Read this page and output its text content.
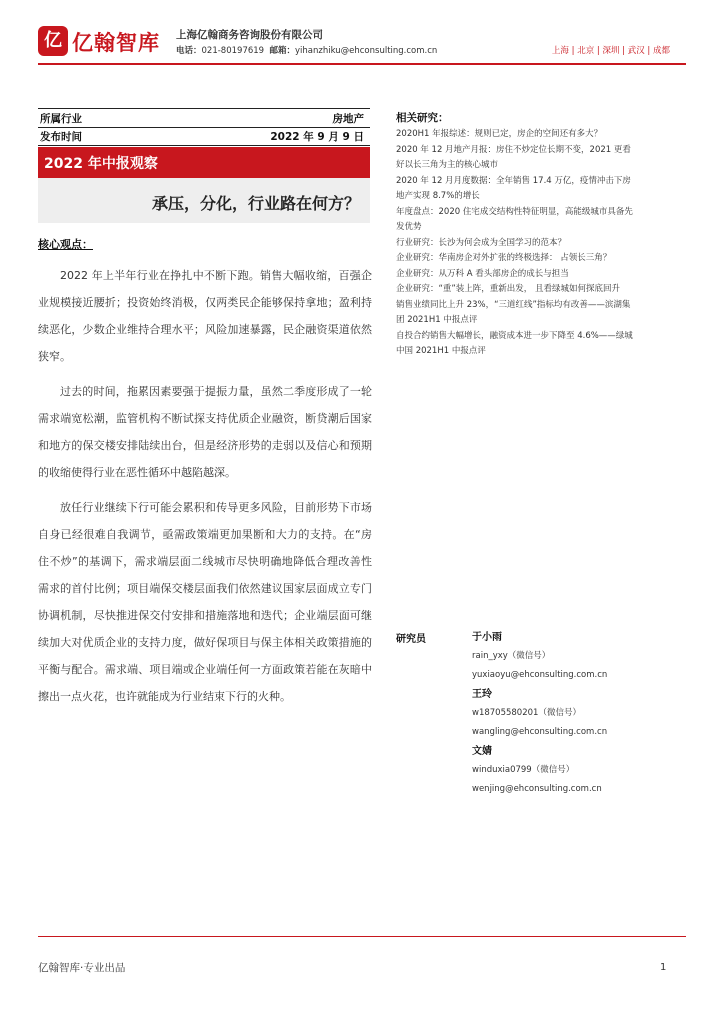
亿 亿翰智库 上海亿翰商务咨询股份有限公司
电话：021-80197619 邮箱：yihanzhiku@ehconsulting.com.cn	上海 | 北京 | 深圳 | 武汉 | 成都
所属行业	房地产
发布时间	2022 年 9 月 9 日
2022 年中报观察
承压，分化，行业路在何方？
核心观点：

2022 年上半年行业在挣扎中不断下跑。销售大幅收缩，百强企业规模接近腰折；投资始终消极，仅两类民企能够保持拿地；盈利持续恶化，少数企业维持合理水平；风险加速暴露，民企融资渠道依然狭窄。

过去的时间，拖累因素要强于提振力量，虽然二季度形成了一轮需求端宽松潮，监管机构不断试探支持优质企业融资，断贷潮后国家和地方的保交楼安排陆续出台，但是经济形势的走弱以及信心和预期的收缩使得行业在恶性循环中越陷越深。

放任行业继续下行可能会累积和传导更多风险，目前形势下市场自身已经很难自我调节，亟需政策端更加果断和大力的支持。在“房住不炒”的基调下，需求端层面二线城市尽快明确地降低合理改善性需求的首付比例；项目端保交楼层面我们依然建议国家层面成立专门协调机制，尽快推进保交付安排和措施落地和迭代；企业端层面可继续加大对优质企业的支持力度，做好保项目与保主体相关政策措施的平衡与配合。需求端、项目端或企业端任何一方面政策若能在灰暗中擦出一点火花，也许就能成为行业结束下行的火种。

相关研究：

2020H1 年报综述：规则已定，房企的空间还有多大？

2020 年 12 月地产月报：房住不炒定位长期不变，2021 更看好以长三角为主的核心城市

2020 年 12 月月度数据：全年销售 17.4 万亿，疫情冲击下房地产实现 8.7%的增长

年度盘点：2020 住宅成交结构性特征明显，高能级城市具备先发优势

行业研究：长沙为何会成为全国学习的范本？

企业研究：华南房企对外扩张的终极选择： 占领长三角？

企业研究：从万科 A 看头部房企的成长与担当

企业研究：“重”装上阵，重新出发， 且看绿城如何探底回升

销售业绩同比上升 23%，“三道红线”指标均有改善——滨湖集团 2021H1 中报点评

自投合约销售大幅增长，融资成本进一步下降至 4.6%——绿城中国 2021H1 中报点评

研究员	于小雨
rain_yxy（微信号）
yuxiaoyu@ehconsulting.com.cn
王玲
w18705580201（微信号）
wangling@ehconsulting.com.cn
文婧
winduxia0799（微信号）
wenjing@ehconsulting.com.cn
亿翰智库·专业出品	1
